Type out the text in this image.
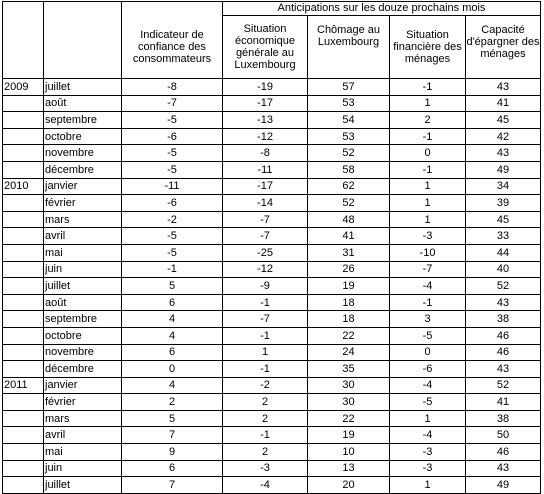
		Indicateur de confiance des consommateurs	Anticipations sur les douze prochains mois			
			Situation économique générale au Luxembourg	Chômage au Luxembourg	Situation financière des ménages	Capacité d'épargner des ménages
2009	juillet	-8	-19	57	-1	43
	août	-7	-17	53	1	41
	septembre	-5	-13	54	2	45
	octobre	-6	-12	53	-1	42
	novembre	-5	-8	52	0	43
	décembre	-5	-11	58	-1	49
2010	janvier	-11	-17	62	1	34
	février	-6	-14	52	1	39
	mars	-2	-7	48	1	45
	avril	-5	-7	41	-3	33
	mai	-5	-25	31	-10	44
	juin	-1	-12	26	-7	40
	juillet	5	-9	19	-4	52
	août	6	-1	18	-1	43
	septembre	4	-7	18	3	38
	octobre	4	-1	22	-5	46
	novembre	6	1	24	0	46
	décembre	0	-1	35	-6	43
2011	janvier	4	-2	30	-4	52
	février	2	2	30	-5	41
	mars	5	2	22	1	38
	avril	7	-1	19	-4	50
	mai	9	2	10	-3	46
	juin	6	-3	13	-3	43
	juillet	7	-4	20	1	49
